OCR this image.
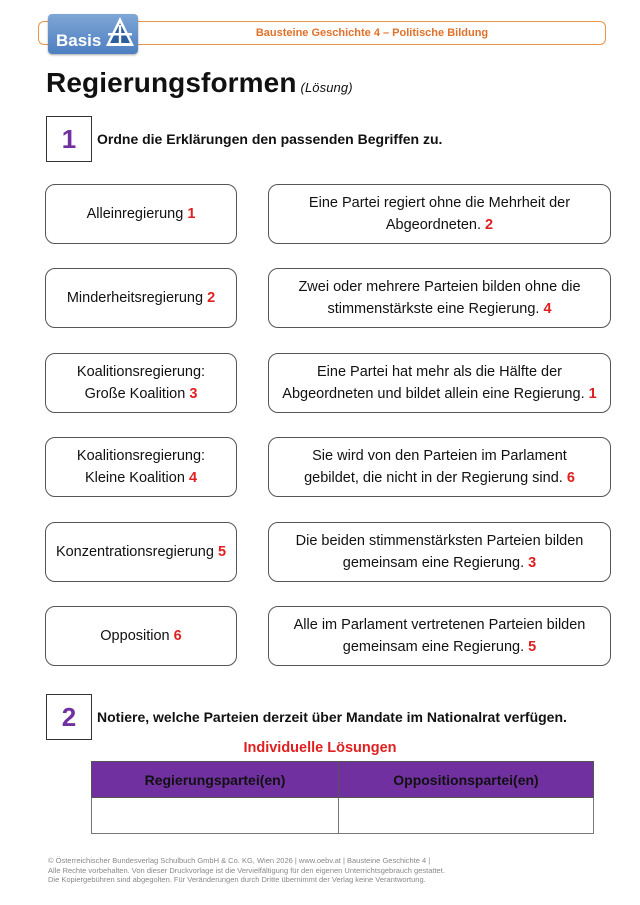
Bausteine Geschichte 4 – Politische Bildung
Basis
Regierungsformen (Lösung)
1	Ordne die Erklärungen den passenden Begriffen zu.
Alleinregierung 1
Minderheitsregierung 2
Koalitionsregierung:
Große Koalition 3
Koalitionsregierung:
Kleine Koalition 4
Konzentrationsregierung 5
Opposition 6
Eine Partei regiert ohne die Mehrheit der
Abgeordneten. 2
Zwei oder mehrere Parteien bilden ohne die
stimmenstärkste eine Regierung. 4
Eine Partei hat mehr als die Hälfte der
Abgeordneten und bildet allein eine Regierung. 1
Sie wird von den Parteien im Parlament
gebildet, die nicht in der Regierung sind. 6
Die beiden stimmenstärksten Parteien bilden
gemeinsam eine Regierung. 3
Alle im Parlament vertretenen Parteien bilden
gemeinsam eine Regierung. 5
2	Notiere, welche Parteien derzeit über Mandate im Nationalrat verfügen.
Individuelle Lösungen
Regierungspartei(en)	Oppositionspartei(en)

© Österreichischer Bundesverlag Schulbuch GmbH & Co. KG, Wien 2026 | www.oebv.at | Bausteine Geschichte 4 |
Alle Rechte vorbehalten. Von dieser Druckvorlage ist die Vervielfältigung für den eigenen Unterrichtsgebrauch gestattet.
Die Kopiergebühren sind abgegolten. Für Veränderungen durch Dritte übernimmt der Verlag keine Verantwortung.
